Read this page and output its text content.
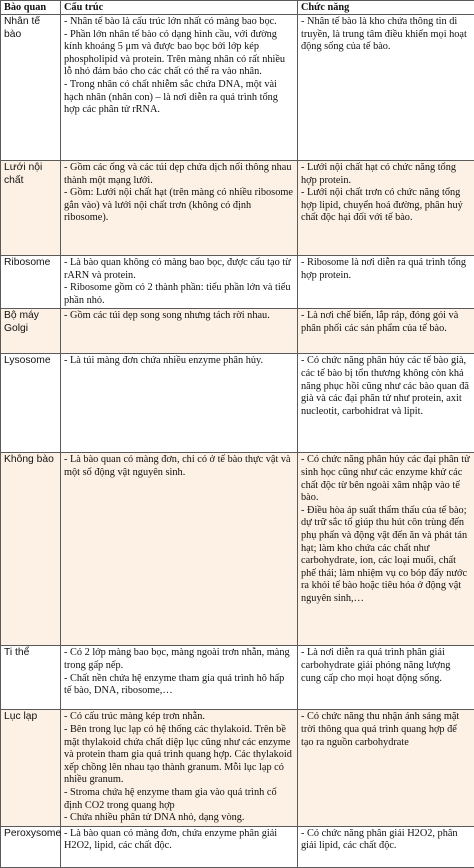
Bào quan	Cấu trúc	Chức năng
Nhân tế bào	- Nhân tế bào là cấu trúc lớn nhất có màng bao bọc.
- Phần lớn nhân tế bào có dạng hình cầu, với đường kính khoảng 5 μm và được bao bọc bởi lớp kép phospholipid và protein. Trên màng nhân có rất nhiều lỗ nhỏ đảm bảo cho các chất có thể ra vào nhân.
- Trong nhân có chất nhiễm sắc chứa DNA, một vài hạch nhân (nhân con) – là nơi diễn ra quá trình tổng hợp các phân tử rRNA.	- Nhân tế bào là kho chứa thông tin di truyền, là trung tâm điều khiển mọi hoạt động sống của tế bào.

Lưới nội chất	- Gồm các ống và các túi dẹp chứa dịch nối thông nhau thành một mạng lưới.
- Gồm: Lưới nội chất hạt (trên màng có nhiều ribosome gắn vào) và lưới nội chất trơn (không có định ribosome).	- Lưới nội chất hạt có chức năng tổng hợp protein.
- Lưới nội chất trơn có chức năng tổng hợp lipid, chuyển hoá đường, phân huỷ chất độc hại đối với tế bào.

Ribosome	- Là bào quan không có màng bao bọc, được cấu tạo từ rARN và protein.
- Ribosome gồm có 2 thành phần: tiểu phần lớn và tiểu phần nhỏ.	- Ribosome là nơi diễn ra quá trình tổng hợp protein.

Bộ máy Golgi	- Gồm các túi dẹp song song nhưng tách rời nhau.	- Là nơi chế biến, lắp ráp, đóng gói và phân phối các sản phẩm của tế bào.

Lysosome	- Là túi màng đơn chứa nhiều enzyme phân hủy.	- Có chức năng phân hủy các tế bào già, các tế bào bị tổn thương không còn khả năng phục hồi cũng như các bào quan đã già và các đại phân tử như protein, axit nucleotit, carbohidrat và lipit.

Không bào	- Là bào quan có màng đơn, chỉ có ở tế bào thực vật và một số động vật nguyên sinh.	- Có chức năng phân hủy các đại phân tử sinh học cũng như các enzyme khử các chất độc từ bên ngoài xâm nhập vào tế bào.
- Điều hòa áp suất thẩm thấu của tế bào; dự trữ sắc tố giúp thu hút côn trùng đến phụ phấn và động vật đến ăn và phát tán hạt; làm kho chứa các chất như carbohydrate, ion, các loại muối, chất phế thải; làm nhiệm vụ co bóp đẩy nước ra khỏi tế bào hoặc tiêu hóa ở động vật nguyên sinh,…

Ti thể	- Có 2 lớp màng bao bọc, màng ngoài trơn nhẵn, màng trong gấp nếp.
- Chất nền chứa hệ enzyme tham gia quá trình hô hấp tế bào, DNA, ribosome,…	- Là nơi diễn ra quá trình phân giải carbohydrate giải phóng năng lượng cung cấp cho mọi hoạt động sống.

Lục lạp	- Có cấu trúc màng kép trơn nhẵn.
- Bên trong lục lạp có hệ thống các thylakoid. Trên bề mặt thylakoid chứa chất diệp lục cũng như các enzyme và protein tham gia quá trình quang hợp. Các thylakoid xếp chồng lên nhau tạo thành granum. Mỗi lục lạp có nhiều granum.
- Stroma chứa hệ enzyme tham gia vào quá trình cố định CO2 trong quang hợp
- Chứa nhiều phân tử DNA nhỏ, dạng vòng.	- Có chức năng thu nhận ánh sáng mặt trời thông qua quá trình quang hợp để tạo ra nguồn carbohydrate

Peroxysome	- Là bào quan có màng đơn, chứa enzyme phân giải H2O2, lipid, các chất độc.	- Có chức năng phân giải H2O2, phân giải lipid, các chất độc.
